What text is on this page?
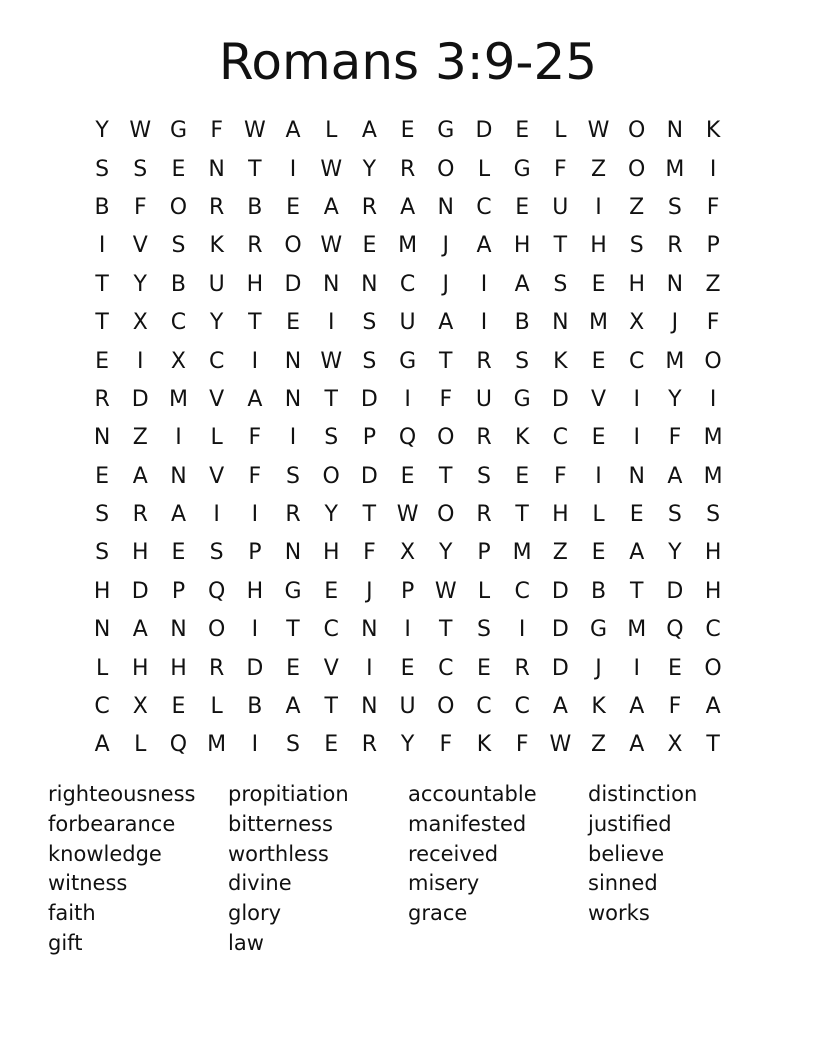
Romans 3:9-25
Y W G	F W A	L	A	E	G D	E	L W O N	K
S	S	E	N	T	I	W Y	R O	L	G	F	Z O M	I
B	F	O R	B	E	A	R	A	N	C	E	U	I	Z	S	F
I	V	S	K	R O W E M	J	A	H	T	H	S	R	P
T	Y	B	U H D N N	C	J	I	A	S	E	H N	Z
T	X	C	Y	T	E	I	S	U	A	I	B	N M X	J	F
E	I	X	C	I	N W S	G	T	R	S	K	E	C M O
R	D M V	A	N	T	D	I	F	U G D	V	I	Y	I
N	Z	I	L	F	I	S	P	Q O R	K	C	E	I	F	M
E	A	N	V	F	S	O D	E	T	S	E	F	I	N	A M
S	R	A	I	I	R	Y	T W O R	T	H	L	E	S	S
S	H	E	S	P	N H	F	X	Y	P	M Z	E	A	Y	H
H D	P	Q H G	E	J	P W L	C	D	B	T	D H
N	A	N O	I	T	C	N	I	T	S	I	D G M Q C
L	H H	R	D	E	V	I	E	C	E	R	D	J	I	E	O
C	X	E	L	B	A	T	N U O C	C	A	K	A	F	A
A	L	Q M	I	S	E	R	Y	F	K	F W Z	A	X	T
righteousness
forbearance
knowledge
witness
faith
gift
propitiation
bitterness
worthless
divine
glory
law
accountable
manifested
received
misery
grace
distinction
justified
believe
sinned
works
